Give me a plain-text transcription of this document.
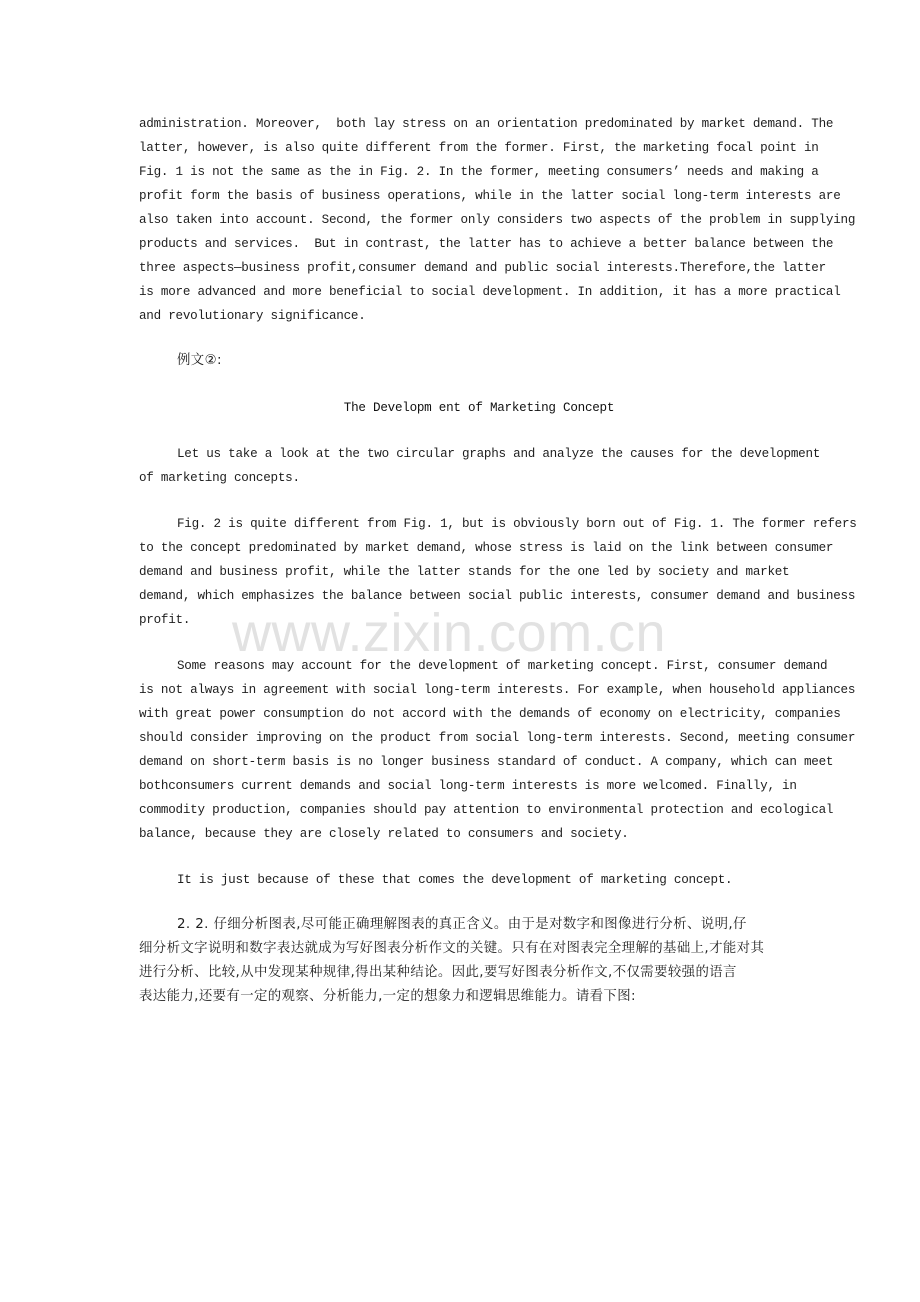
administration. Moreover,  both lay stress on an orientation predominated by market demand. The
latter, however, is also quite different from the former. First, the marketing focal point in
Fig. 1 is not the same as the in Fig. 2. In the former, meeting consumers’ needs and making a
profit form the basis of business operations, while in the latter social long-term interests are
also taken into account. Second, the former only considers two aspects of the problem in supplying
products and services.  But in contrast, the latter has to achieve a better balance between the
three aspects—business profit,consumer demand and public social interests.Therefore,the latter
is more advanced and more beneficial to social development. In addition, it has a more practical
and revolutionary significance.
例文②:
The Developm ent of Marketing Concept
Let us take a look at the two circular graphs and analyze the causes for the development
of marketing concepts.
Fig. 2 is quite different from Fig. 1, but is obviously born out of Fig. 1. The former refers
to the concept predominated by market demand, whose stress is laid on the link between consumer
demand and business profit, while the latter stands for the one led by society and market
demand, which emphasizes the balance between social public interests, consumer demand and business
profit. www.zixin.com.cn
Some reasons may account for the development of marketing concept. First, consumer demand
is not always in agreement with social long-term interests. For example, when household appliances
with great power consumption do not accord with the demands of economy on electricity, companies
should consider improving on the product from social long-term interests. Second, meeting consumer
demand on short-term basis is no longer business standard of conduct. A company, which can meet
bothconsumers current demands and social long-term interests is more welcomed. Finally, in
commodity production, companies should pay attention to environmental protection and ecological
balance, because they are closely related to consumers and society.
It is just because of these that comes the development of marketing concept.
2. 2. 仔细分析图表,尽可能正确理解图表的真正含义。由于是对数字和图像进行分析、说明,仔
细分析文字说明和数字表达就成为写好图表分析作文的关键。只有在对图表完全理解的基础上,才能对其
进行分析、比较,从中发现某种规律,得出某种结论。因此,要写好图表分析作文,不仅需要较强的语言
表达能力,还要有一定的观察、分析能力,一定的想象力和逻辑思维能力。请看下图:
